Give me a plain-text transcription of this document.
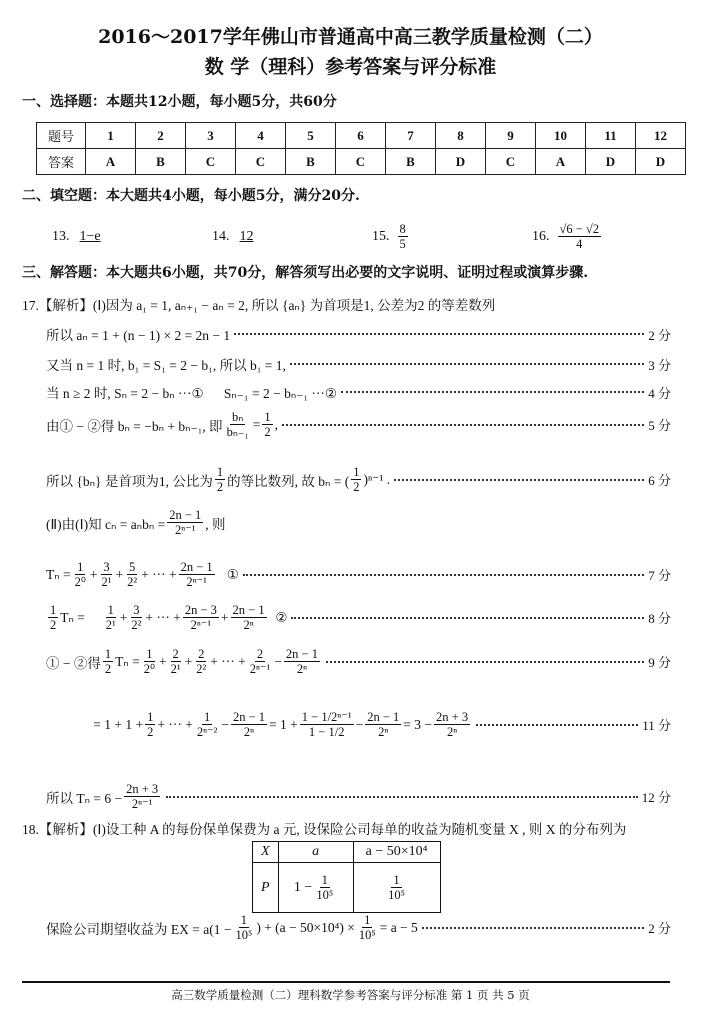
2016～2017学年佛山市普通高中高三教学质量检测（二）
数 学（理科）参考答案与评分标准
一、选择题：本题共12小题，每小题5分，共60分
题号	1	2	3	4	5	6	7	8	9	10	11	12
答案	A	B	C	C	B	C	B	D	C	A	D	D
二、填空题：本大题共4小题，每小题5分，满分20分.
13. 1−e	14. 12	15. $\frac{8}{5}$	16. $\frac{√6 - √2}{4}$
三、解答题：本大题共6小题，共70分，解答须写出必要的文字说明、证明过程或演算步骤.
X	a	a − 50×10⁴
P	$1 - \frac{1}{\text{10⁵}}$	$\frac{1}{\text{10⁵}}$
高三数学质量检测（二）理科数学参考答案与评分标准 第 1 页 共 5 页
17.【解析】(Ⅰ)因为 a₁ = 1, aₙ₊₁ − aₙ = 2, 所以 {aₙ} 为首项是1, 公差为2 的等差数列
所以 aₙ = 1 + (n − 1) × 2 = 2n − 1	2 分
又当 n = 1 时, b₁ = S₁ = 2 − b₁, 所以 b₁ = 1,	3 分
当 n ≥ 2 时, Sₙ = 2 − bₙ ···①      Sₙ₋₁ = 2 − bₙ₋₁ ···②	4 分
由① − ②得 bₙ = −bₙ + bₙ₋₁, 即 $\frac{\text{bₙ}}{\text{bₙ₋₁}} = \frac{1}{2}$ ,	5 分
所以 {bₙ} 是首项为1, 公比为 $\frac{1}{2}$ 的等比数列, 故 bₙ = ( $\frac{1}{2} )^{n-1}$ .	6 分
(Ⅱ)由(Ⅰ)知 $c_n = a_nb_n = \frac{2n - 1}{\text{2ⁿ⁻¹}}$ , 则
$T_n = \frac{1}{\text{2⁰}} + \frac{3}{\text{2¹}} + \frac{5}{\text{2²}}$ + ··· + $\frac{2n - 1}{\text{2ⁿ⁻¹}}$ ①	7 分
$\frac{1}{2}$ $T_n = \frac{1}{\text{2¹}} + \frac{3}{\text{2²}}$ + ··· + $\frac{2n - 3}{\text{2ⁿ⁻¹}} + \frac{2n - 1}{\text{2ⁿ}}$ ②	8 分
① − ②得 $\frac{1}{2}$ $T_n = \frac{1}{\text{2⁰}} + \frac{2}{\text{2¹}} + \frac{2}{\text{2²}}$ + ··· + $\frac{2}{\text{2ⁿ⁻¹}} - \frac{2n - 1}{\text{2ⁿ}}$	9 分
= $1 + 1 + \frac{1}{2}$ + ··· + $\frac{1}{\text{2ⁿ⁻²}} - \frac{2n - 1}{\text{2ⁿ}} = 1 + \frac{\text{1 − 1/2ⁿ⁻¹}}{1 - 1/2} - \frac{2n - 1}{\text{2ⁿ}} = 3 - \frac{2n + 3}{\text{2ⁿ}}$	11 分
所以 $T_n = 6 - \frac{2n + 3}{\text{2ⁿ⁻¹}}$	12 分
18.【解析】(Ⅰ)设工种 A 的每份保单保费为 a 元, 设保险公司每单的收益为随机变量 X , 则 X 的分布列为
保险公司期望收益为 EX = $a(1 - \frac{1}{\text{10⁵}}$ ) + $(a - 50\times 10^4) \times \frac{1}{\text{10⁵}} = a - 5$	2 分
